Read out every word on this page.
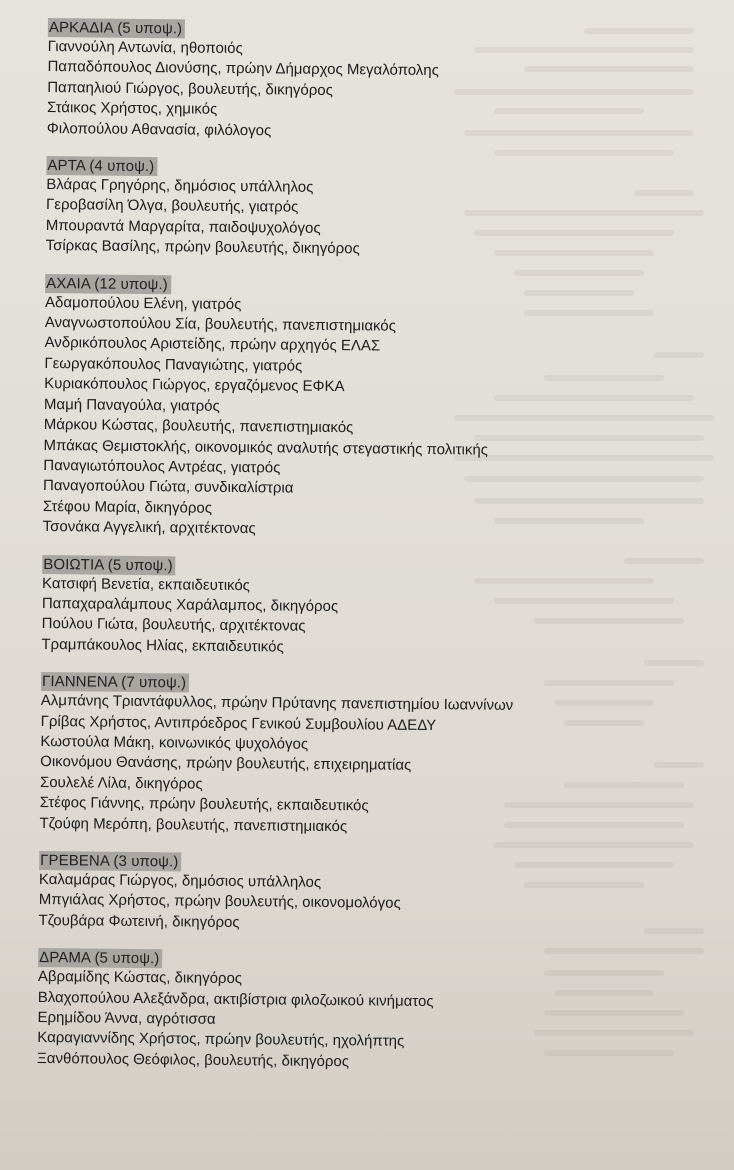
ΑΡΚΑΔΙΑ (5 υποψ.)
Γιαννούλη Αντωνία, ηθοποιός
Παπαδόπουλος Διονύσης, πρώην Δήμαρχος Μεγαλόπολης
Παπαηλιού Γιώργος, βουλευτής, δικηγόρος
Στάικος Χρήστος, χημικός
Φιλοπούλου Αθανασία, φιλόλογος
ΑΡΤΑ (4 υποψ.)
Βλάρας Γρηγόρης, δημόσιος υπάλληλος
Γεροβασίλη Όλγα, βουλευτής, γιατρός
Μπουραντά Μαργαρίτα, παιδοψυχολόγος
Τσίρκας Βασίλης, πρώην βουλευτής, δικηγόρος
ΑΧΑΙΑ (12 υποψ.)
Αδαμοπούλου Ελένη, γιατρός
Αναγνωστοπούλου Σία, βουλευτής, πανεπιστημιακός
Ανδρικόπουλος Αριστείδης, πρώην αρχηγός ΕΛΑΣ
Γεωργακόπουλος Παναγιώτης, γιατρός
Κυριακόπουλος Γιώργος, εργαζόμενος ΕΦΚΑ
Μαμή Παναγούλα, γιατρός
Μάρκου Κώστας, βουλευτής, πανεπιστημιακός
Μπάκας Θεμιστοκλής, οικονομικός αναλυτής στεγαστικής πολιτικής
Παναγιωτόπουλος Αντρέας, γιατρός
Παναγοπούλου Γιώτα, συνδικαλίστρια
Στέφου Μαρία, δικηγόρος
Τσονάκα Αγγελική, αρχιτέκτονας
ΒΟΙΩΤΙΑ (5 υποψ.)
Κατσιφή Βενετία, εκπαιδευτικός
Παπαχαραλάμπους Χαράλαμπος, δικηγόρος
Πούλου Γιώτα, βουλευτής, αρχιτέκτονας
Τραμπάκουλος Ηλίας, εκπαιδευτικός
ΓΙΑΝΝΕΝΑ (7 υποψ.)
Αλμπάνης Τριαντάφυλλος, πρώην Πρύτανης πανεπιστημίου Ιωαννίνων
Γρίβας Χρήστος, Αντιπρόεδρος Γενικού Συμβουλίου ΑΔΕΔΥ
Κωστούλα Μάκη, κοινωνικός ψυχολόγος
Οικονόμου Θανάσης, πρώην βουλευτής, επιχειρηματίας
Σουλελέ Λίλα, δικηγόρος
Στέφος Γιάννης, πρώην βουλευτής, εκπαιδευτικός
Τζούφη Μερόπη, βουλευτής, πανεπιστημιακός
ΓΡΕΒΕΝΑ (3 υποψ.)
Καλαμάρας Γιώργος, δημόσιος υπάλληλος
Μπγιάλας Χρήστος, πρώην βουλευτής, οικονομολόγος
Τζουβάρα Φωτεινή, δικηγόρος
ΔΡΑΜΑ (5 υποψ.)
Αβραμίδης Κώστας, δικηγόρος
Βλαχοπούλου Αλεξάνδρα, ακτιβίστρια φιλοζωικού κινήματος
Ερημίδου Άννα, αγρότισσα
Καραγιαννίδης Χρήστος, πρώην βουλευτής, ηχολήπτης
Ξανθόπουλος Θεόφιλος, βουλευτής, δικηγόρος
